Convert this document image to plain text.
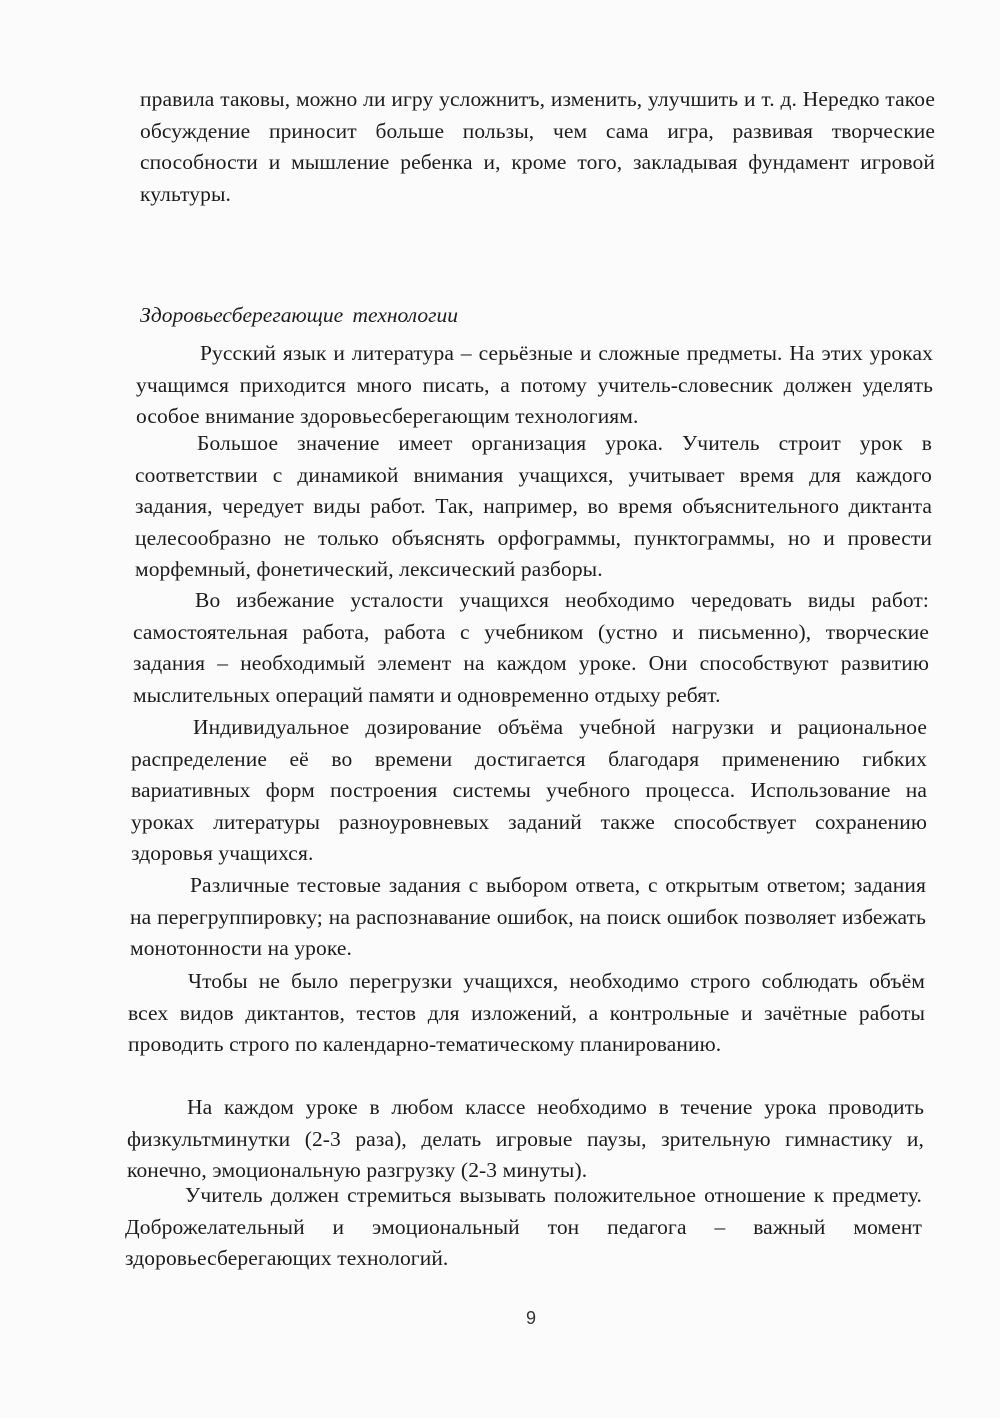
правила таковы, можно ли игру усложнитъ, изменить, улучшить и т. д. Нередко такое обсуждение приносит больше пользы, чем сама игра, развивая творческие способности и мышление ребенка и, кроме того, закладывая фундамент игровой культуры.

Здоровьесберегающие технологии

Русский язык и литература – серьёзные и сложные предметы. На этих уроках учащимся приходится много писать, а потому учитель-словесник должен уделять особое внимание здоровьесберегающим технологиям.

Большое значение имеет организация урока. Учитель строит урок в соответствии с динамикой внимания учащихся, учитывает время для каждого задания, чередует виды работ. Так, например, во время объяснительного диктанта целесообразно не только объяснять орфограммы, пунктограммы, но и провести морфемный, фонетический, лексический разборы.

Во избежание усталости учащихся необходимо чередовать виды работ: самостоятельная работа, работа с учебником (устно и письменно), творческие задания – необходимый элемент на каждом уроке. Они способствуют развитию мыслительных операций памяти и одновременно отдыху ребят.

Индивидуальное дозирование объёма учебной нагрузки и рациональное распределение её во времени достигается благодаря применению гибких вариативных форм построения системы учебного процесса. Использование на уроках литературы разноуровневых заданий также способствует сохранению здоровья учащихся.

Различные тестовые задания с выбором ответа, с открытым ответом; задания на перегруппировку; на распознавание ошибок, на поиск ошибок позволяет избежать монотонности на уроке.

Чтобы не было перегрузки учащихся, необходимо строго соблюдать объём всех видов диктантов, тестов для изложений, а контрольные и зачётные работы проводить строго по календарно-тематическому планированию.

На каждом уроке в любом классе необходимо в течение урока проводить физкультминутки (2-3 раза), делать игровые паузы, зрительную гимнастику и, конечно, эмоциональную разгрузку (2-3 минуты).

Учитель должен стремиться вызывать положительное отношение к предмету. Доброжелательный и эмоциональный тон педагога – важный момент здоровьесберегающих технологий.

9
